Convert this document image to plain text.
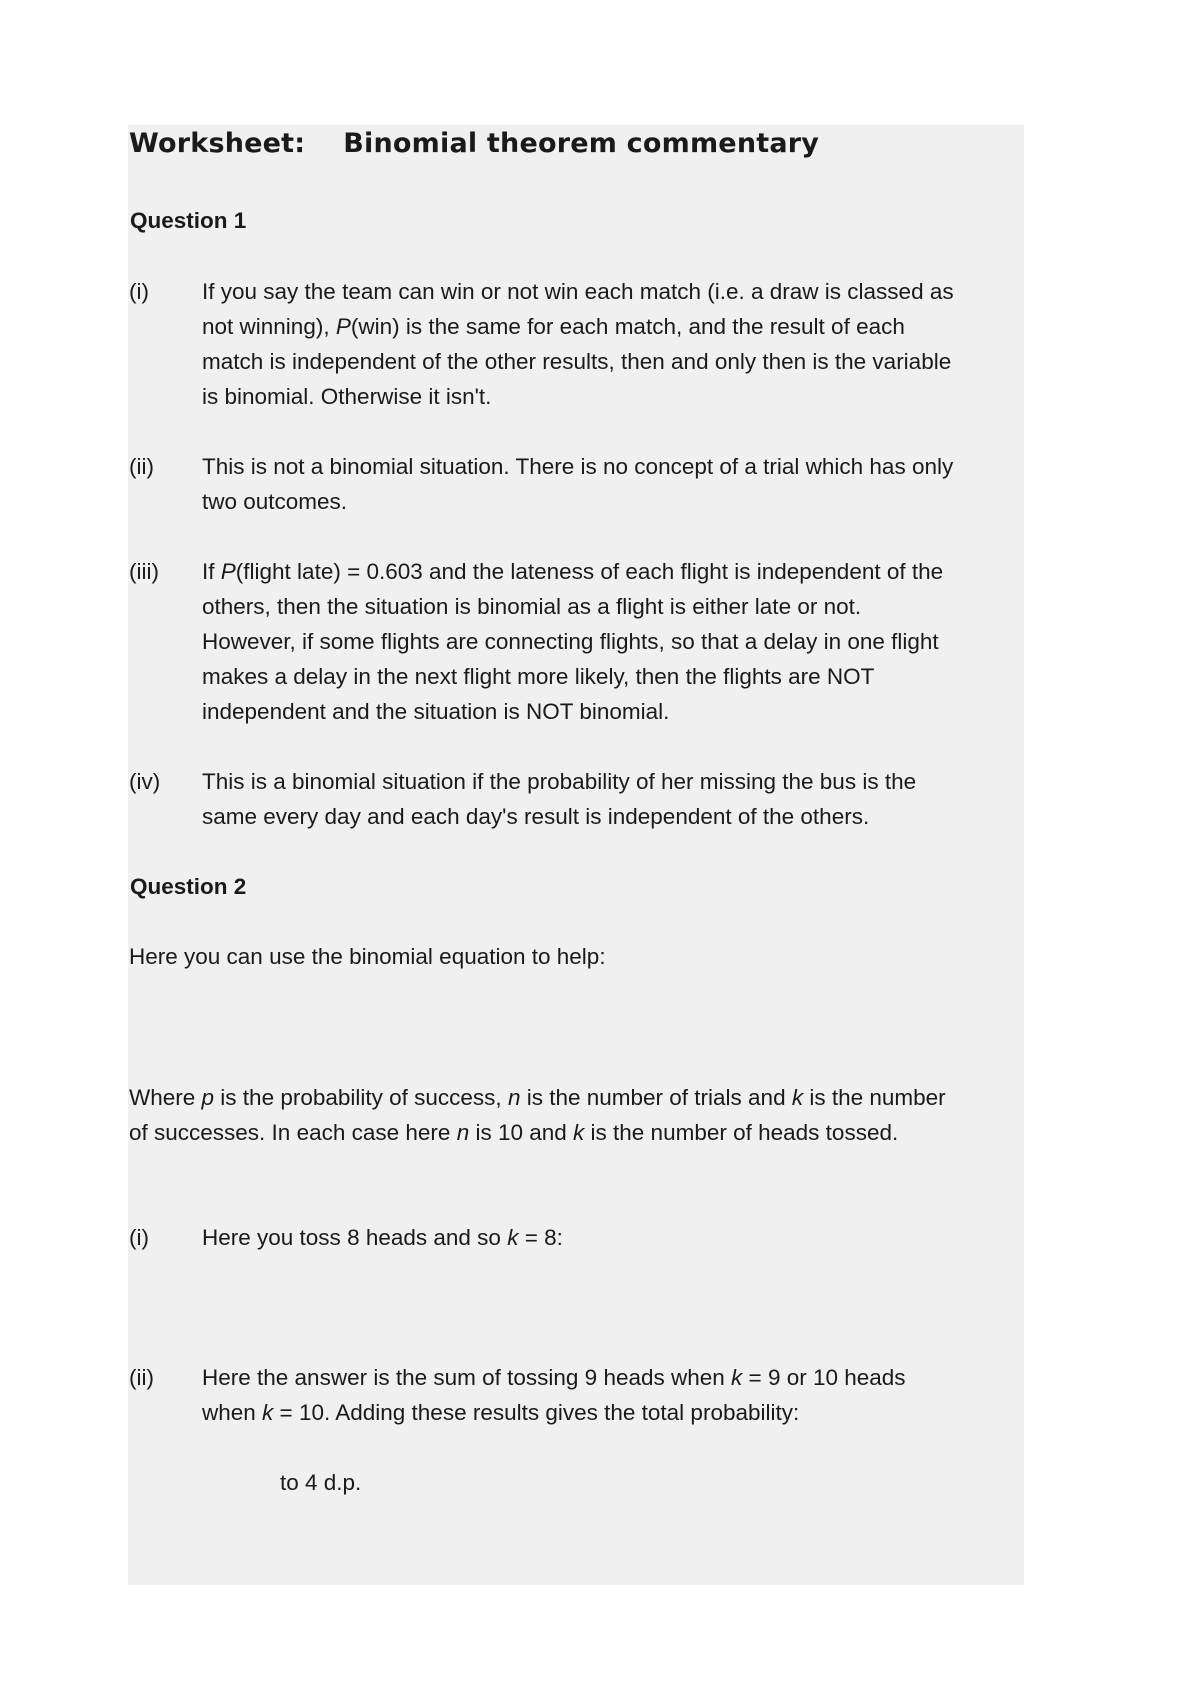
Worksheet: Binomial theorem commentary
Question 1
(i) If you say the team can win or not win each match (i.e. a draw is classed as
not winning), P(win) is the same for each match, and the result of each
match is independent of the other results, then and only then is the variable
is binomial. Otherwise it isn't.
(ii) This is not a binomial situation. There is no concept of a trial which has only
two outcomes.
(iii) If P(flight late) = 0.603 and the lateness of each flight is independent of the
others, then the situation is binomial as a flight is either late or not.
However, if some flights are connecting flights, so that a delay in one flight
makes a delay in the next flight more likely, then the flights are NOT
independent and the situation is NOT binomial.
(iv) This is a binomial situation if the probability of her missing the bus is the
same every day and each day's result is independent of the others.
Question 2
Here you can use the binomial equation to help:
Where p is the probability of success, n is the number of trials and k is the number
of successes. In each case here n is 10 and k is the number of heads tossed.
(i) Here you toss 8 heads and so k = 8:
(ii) Here the answer is the sum of tossing 9 heads when k = 9 or 10 heads
when k = 10. Adding these results gives the total probability:
to 4 d.p.
